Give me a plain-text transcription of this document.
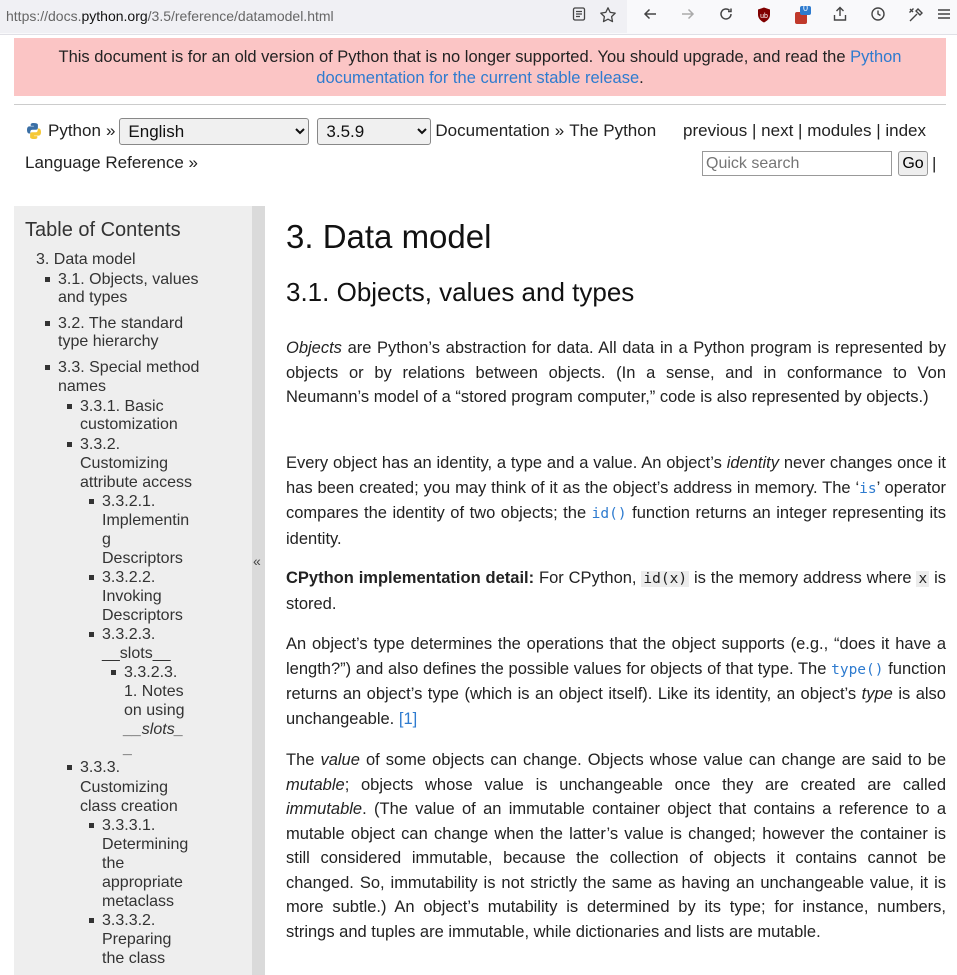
https://docs.python.org/3.5/reference/datamodel.html	ub
0
This document is for an old version of Python that is no longer supported. You should upgrade, and read the Python documentation for the current stable release.
Python »
English
3.5.9	Documentation » The Python previous | next | modules | index
Language Reference »
Quick search	Go |
Table of Contents
3. Data model
3.1. Objects, values
and types
3.2. The standard
type hierarchy
3.3. Special method
names
3.3.1. Basic
customization
3.3.2.
Customizing
attribute access
3.3.2.1.
Implementin
g
Descriptors
3.3.2.2.
Invoking
Descriptors
3.3.2.3.
__slots__
3.3.2.3.
1. Notes
on using
__slots_
_
3.3.3.
Customizing
class creation
3.3.3.1.
Determining
the
appropriate
metaclass
3.3.3.2.
Preparing
the class
«
3. Data model
3.1. Objects, values and types

Objects are Python’s abstraction for data. All data in a Python program is represented by objects or by relations between objects. (In a sense, and in conformance to Von Neumann’s model of a “stored program computer,” code is also represented by objects.)

Every object has an identity, a type and a value. An object’s identity never changes once it has been created; you may think of it as the object’s address in memory. The ‘is’ operator compares the identity of two objects; the id() function returns an integer representing its identity.

CPython implementation detail: For CPython, id(x) is the memory address where x is stored.

An object’s type determines the operations that the object supports (e.g., “does it have a length?”) and also defines the possible values for objects of that type. The type() function returns an object’s type (which is an object itself). Like its identity, an object’s type is also unchangeable. [1]

The value of some objects can change. Objects whose value can change are said to be mutable; objects whose value is unchangeable once they are created are called immutable. (The value of an immutable container object that contains a reference to a mutable object can change when the latter’s value is changed; however the container is still considered immutable, because the collection of objects it contains cannot be changed. So, immutability is not strictly the same as having an unchangeable value, it is more subtle.) An object’s mutability is determined by its type; for instance, numbers, strings and tuples are immutable, while dictionaries and lists are mutable.
